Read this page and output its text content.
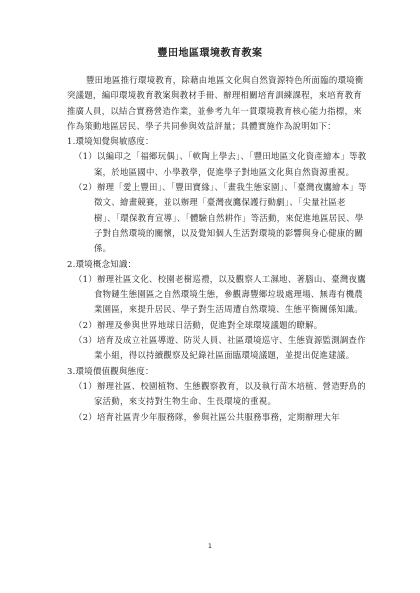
豐田地區環境教育教案

豐田地區推行環境教育，除藉由地區文化與自然資源特色所面臨的環境衝突議題，編印環境教育教案與教材手冊、辦理相關培育訓練課程，來培育教育推廣人員，以結合實務營造作業，並參考九年一貫環境教育核心能力指標，來作為策動地區居民、學子共同參與效益評量；具體實施作為說明如下：

1.環境知覺與敏感度：

（1）以編印之「福鄉玩偶」、「軟陶上學去」、「豐田地區文化資產繪本」等教案，於地區國中、小學教學，促進學子對地區文化與自然資源重視。

（2）辦理「愛上豐田」、「豐田寶緣」、「畫我生態家園」、「臺灣夜鷹繪本」等徵文、繪畫競賽，並以辦理「臺灣夜鷹保護行動劇」、「尖量社區老樹」、「環保教育宣導」、「體驗自然耕作」等活動，來促進地區居民、學子對自然環境的關懷，以及覺知個人生活對環境的影響與身心健康的關係。

2.環境概念知識：

（1）辦理社區文化、校園老樹巡禮，以及觀察人工濕地、著腦山、臺灣夜鷹食物鏈生態園區之自然環境生態，參觀壽豐鄉垃圾處理場、無毒有機農業園區，來提升居民、學子對生活周遭自然環境、生態平衡關係知識。

（2）辦理及參與世界地球日活動，促進對全球環境議題的瞭解。

（3）培育及成立社區導遊、防災人員、社區環境巡守、生態資源監測調查作業小組，得以持續觀察及紀錄社區面臨環境議題，並提出促進建議。

3.環境價值觀與態度：

（1）辦理社區、校園植物、生態觀察教育，以及執行苗木培植、營造野鳥的家活動，來支持對生物生命、生長環境的重視。

（2）培育社區青少年服務隊，參與社區公共服務事務，定期辦理大年

1
